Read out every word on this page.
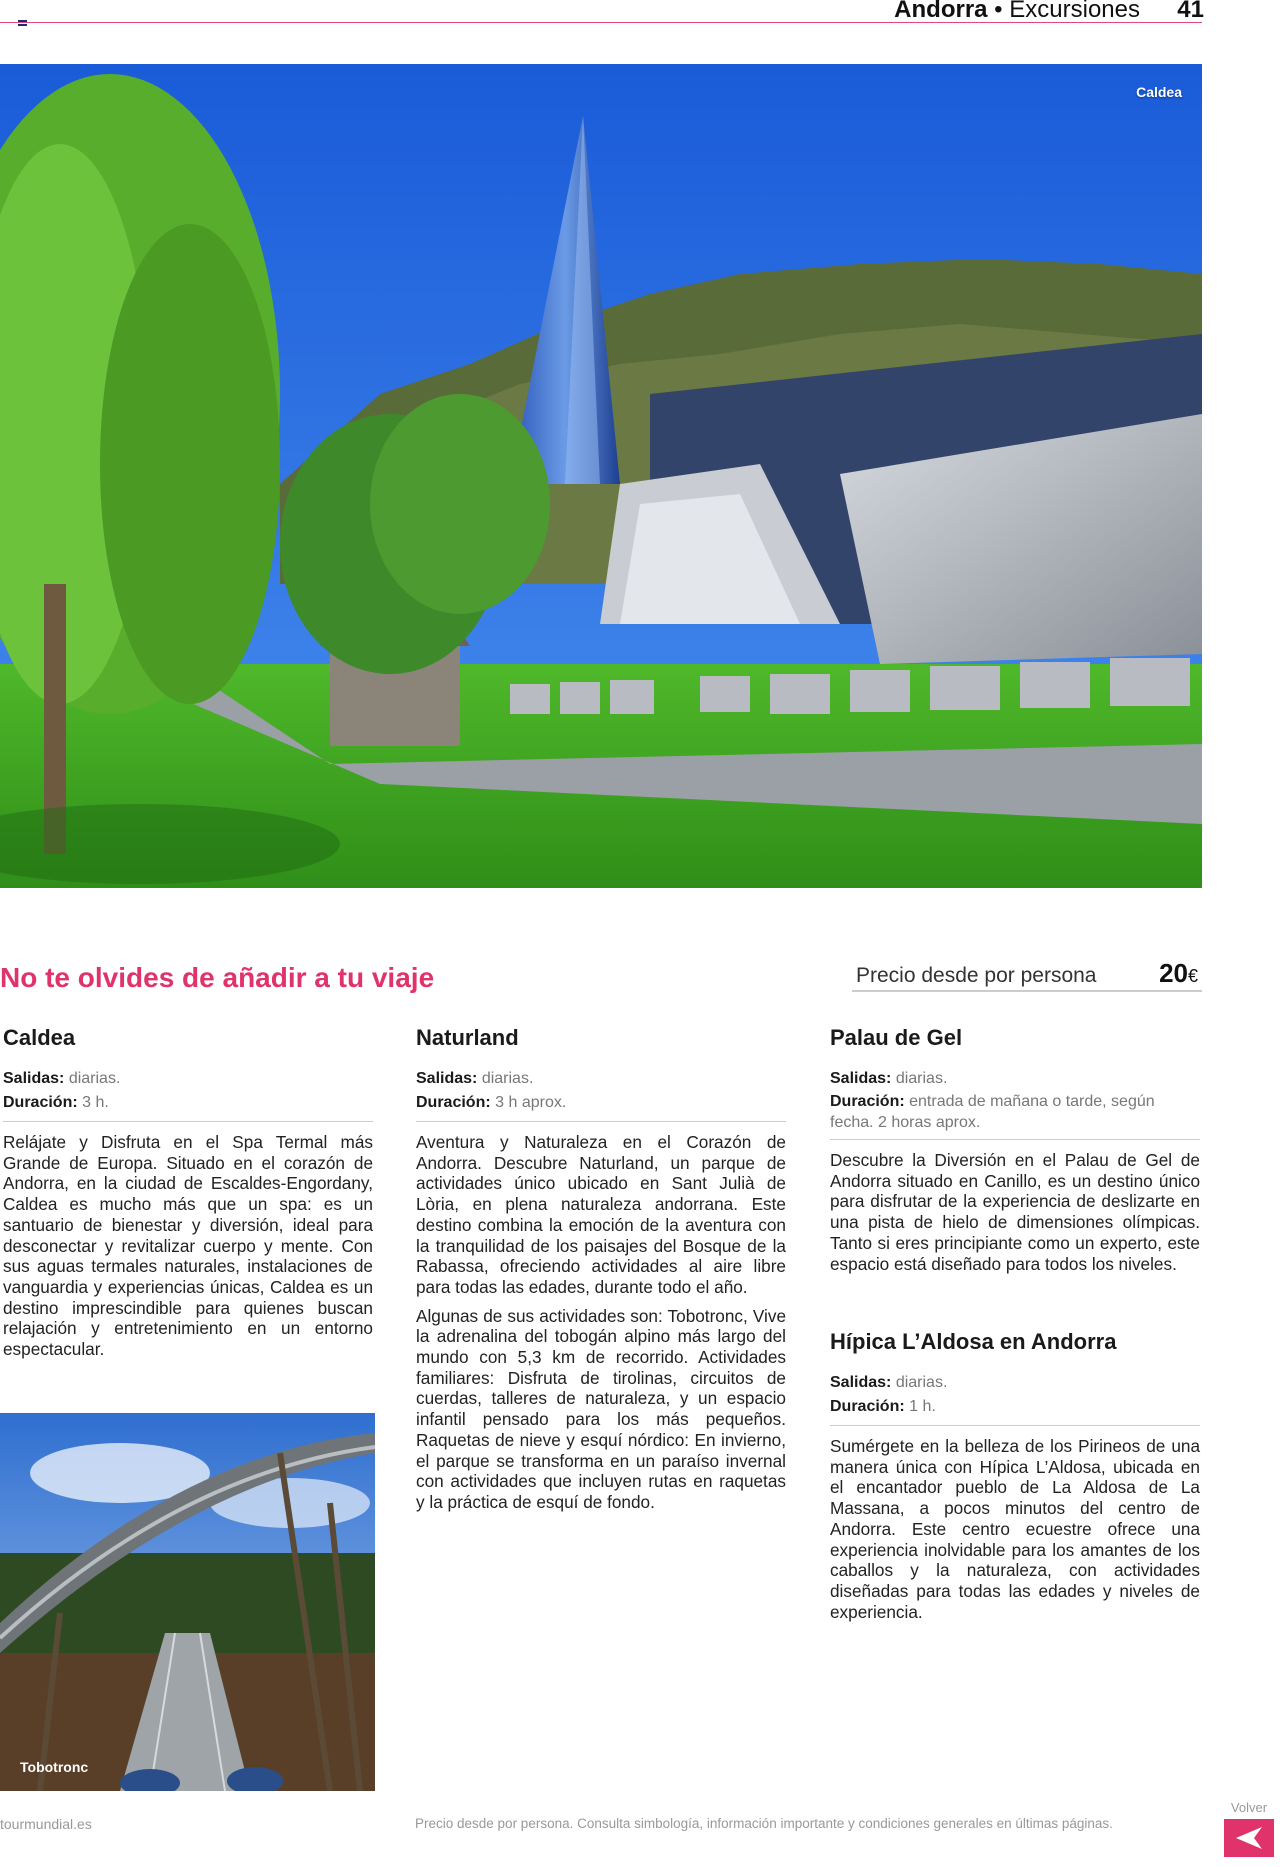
Andorra • Excursiones 41
Caldea
No te olvides de añadir a tu viaje	Precio desde por persona 20€
Caldea
Salidas: diarias.
Duración: 3 h.

Relájate y Disfruta en el Spa Termal más Grande de Europa. Situado en el corazón de Andorra, en la ciudad de Escaldes-Engordany, Caldea es mucho más que un spa: es un santuario de bienestar y diversión, ideal para desconectar y revitalizar cuerpo y mente. Con sus aguas termales naturales, instalaciones de vanguardia y experiencias únicas, Caldea es un destino imprescindible para quienes buscan relajación y entretenimiento en un entorno espectacular.

Naturland
Salidas: diarias.
Duración: 3 h aprox.

Aventura y Naturaleza en el Corazón de Andorra. Descubre Naturland, un parque de actividades único ubicado en Sant Julià de Lòria, en plena naturaleza andorrana. Este destino combina la emoción de la aventura con la tranquilidad de los paisajes del Bosque de la Rabassa, ofreciendo actividades al aire libre para todas las edades, durante todo el año.

Algunas de sus actividades son: Tobotronc, Vive la adrenalina del tobogán alpino más largo del mundo con 5,3 km de recorrido. Actividades familiares: Disfruta de tirolinas, circuitos de cuerdas, talleres de naturaleza, y un espacio infantil pensado para los más pequeños. Raquetas de nieve y esquí nórdico: En invierno, el parque se transforma en un paraíso invernal con actividades que incluyen rutas en raquetas y la práctica de esquí de fondo.

Palau de Gel
Salidas: diarias.
Duración: entrada de mañana o tarde, según fecha. 2 horas aprox.

Descubre la Diversión en el Palau de Gel de Andorra situado en Canillo, es un destino único para disfrutar de la experiencia de deslizarte en una pista de hielo de dimensiones olímpicas. Tanto si eres principiante como un experto, este espacio está diseñado para todos los niveles.

Hípica L’Aldosa en Andorra
Salidas: diarias.
Duración: 1 h.

Sumérgete en la belleza de los Pirineos de una manera única con Hípica L’Aldosa, ubicada en el encantador pueblo de La Aldosa de La Massana, a pocos minutos del centro de Andorra. Este centro ecuestre ofrece una experiencia inolvidable para los amantes de los caballos y la naturaleza, con actividades diseñadas para todas las edades y niveles de experiencia.

Tobotronc
tourmundial.es	Precio desde por persona. Consulta simbología, información importante y condiciones generales en últimas páginas.
Volver
